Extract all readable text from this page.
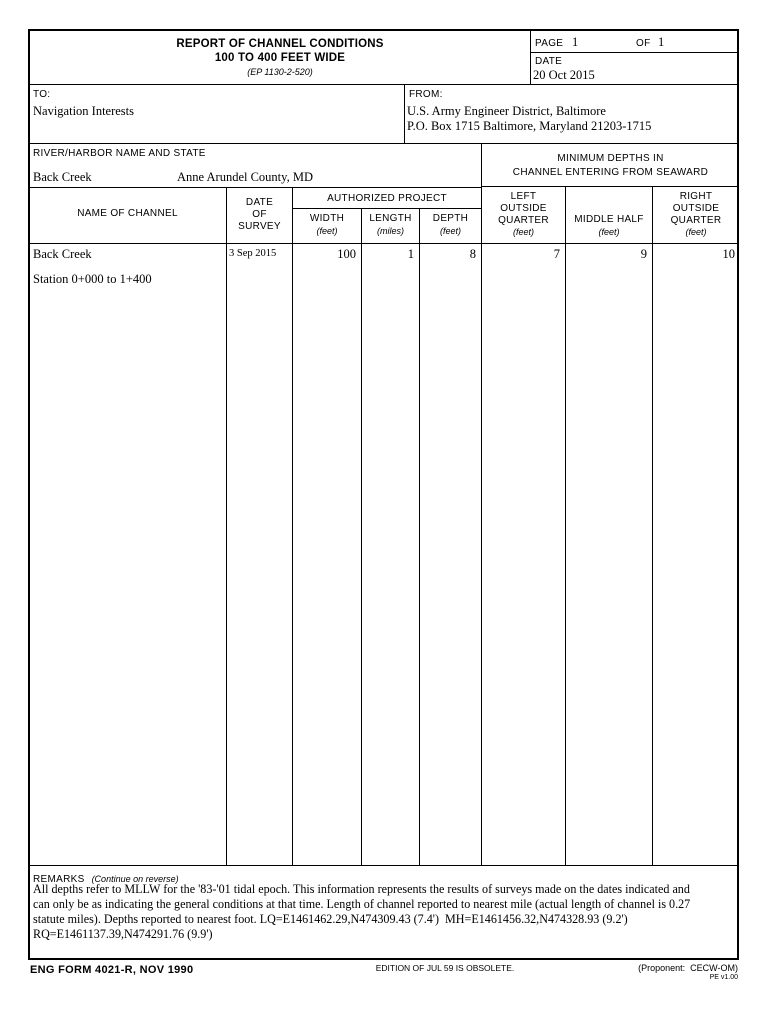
REPORT OF CHANNEL CONDITIONS
100 TO 400 FEET WIDE
(EP 1130-2-520)
PAGE 1	OF 1
DATE
20 Oct 2015
TO:
Navigation Interests
FROM:
U.S. Army Engineer District, Baltimore
P.O. Box 1715 Baltimore, Maryland 21203-1715
RIVER/HARBOR NAME AND STATE
Back Creek	Anne Arundel County, MD
MINIMUM DEPTHS IN
CHANNEL ENTERING FROM SEAWARD
NAME OF CHANNEL
DATE
OF
SURVEY
AUTHORIZED PROJECT
WIDTH
(feet)
LENGTH
(miles)
DEPTH
(feet)
LEFT
OUTSIDE
QUARTER
(feet)
MIDDLE HALF
(feet)
RIGHT
OUTSIDE
QUARTER
(feet)
Back Creek
Station 0+000 to 1+400
3 Sep 2015	100	1	8	7	9	10
REMARKS (Continue on reverse)
All depths refer to MLLW for the '83-'01 tidal epoch. This information represents the results of surveys made on the dates indicated and
can only be as indicating the general conditions at that time. Length of channel reported to nearest mile (actual length of channel is 0.27
statute miles). Depths reported to nearest foot. LQ=E1461462.29,N474309.43 (7.4')  MH=E1461456.32,N474328.93 (9.2')
RQ=E1461137.39,N474291.76 (9.9')
ENG FORM 4021-R, NOV 1990	EDITION OF JUL 59 IS OBSOLETE.	(Proponent:  CECW-OM)
PE v1.00
